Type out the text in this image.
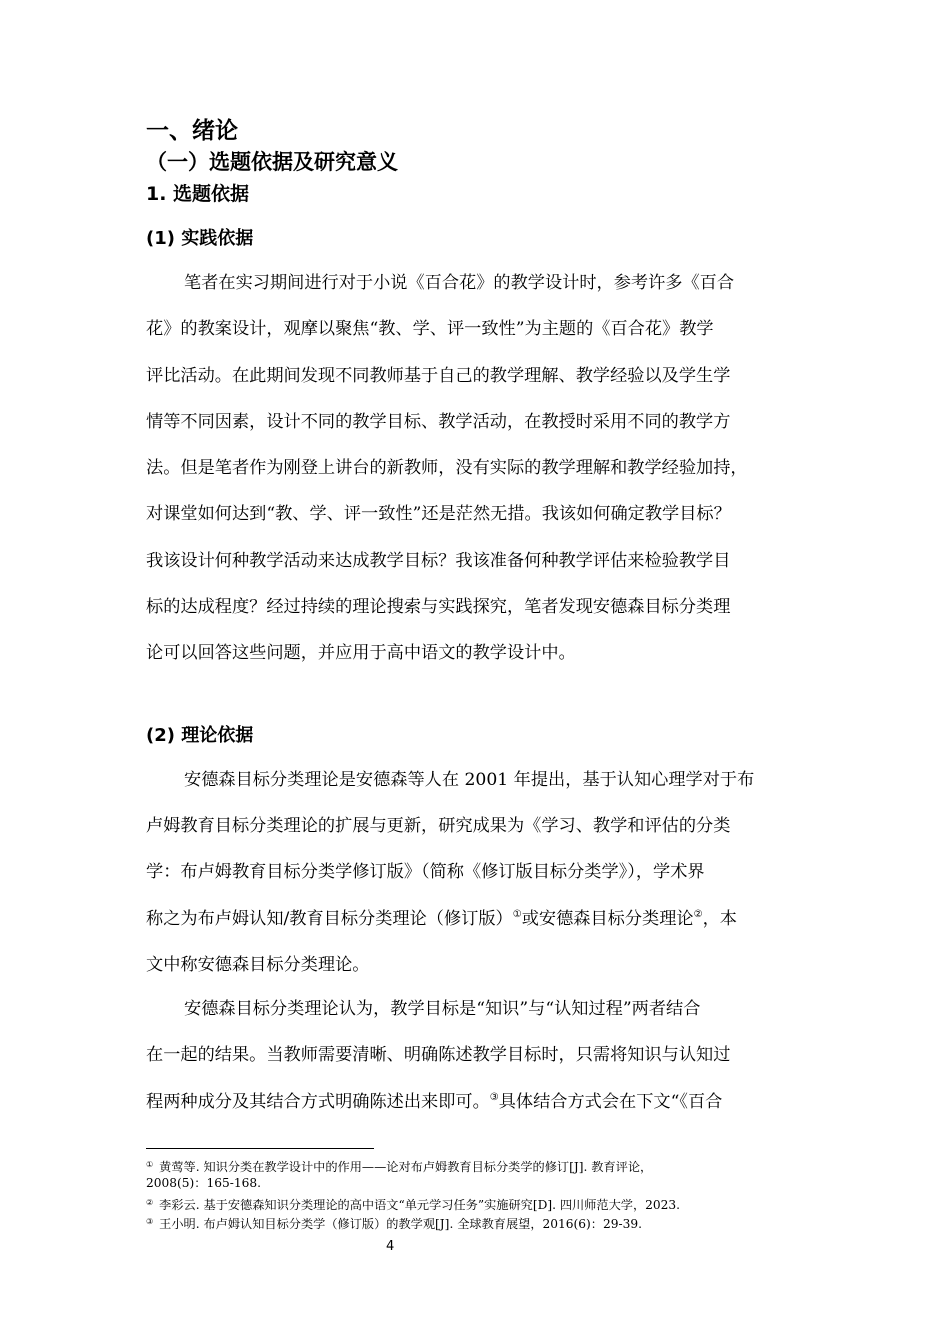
一、绪论
（一）选题依据及研究意义
1. 选题依据
(1) 实践依据

笔者在实习期间进行对于小说《百合花》的教学设计时，参考许多《百合

花》的教案设计，观摩以聚焦“教、学、评一致性”为主题的《百合花》教学

评比活动。在此期间发现不同教师基于自己的教学理解、教学经验以及学生学

情等不同因素，设计不同的教学目标、教学活动，在教授时采用不同的教学方

法。但是笔者作为刚登上讲台的新教师，没有实际的教学理解和教学经验加持，

对课堂如何达到“教、学、评一致性”还是茫然无措。我该如何确定教学目标？

我该设计何种教学活动来达成教学目标？我该准备何种教学评估来检验教学目

标的达成程度？经过持续的理论搜索与实践探究，笔者发现安德森目标分类理

论可以回答这些问题，并应用于高中语文的教学设计中。

(2) 理论依据

安德森目标分类理论是安德森等人在 2001 年提出，基于认知心理学对于布

卢姆教育目标分类理论的扩展与更新，研究成果为《学习、教学和评估的分类

学：布卢姆教育目标分类学修订版》（简称《修订版目标分类学》），学术界

称之为布卢姆认知/教育目标分类理论（修订版）①或安德森目标分类理论②，本

文中称安德森目标分类理论。

安德森目标分类理论认为，教学目标是“知识”与“认知过程”两者结合

在一起的结果。当教师需要清晰、明确陈述教学目标时，只需将知识与认知过

程两种成分及其结合方式明确陈述出来即可。③具体结合方式会在下文“《百合

① 黄莺等. 知识分类在教学设计中的作用——论对布卢姆教育目标分类学的修订[J]. 教育评论，

2008(5)：165-168.

② 李彩云. 基于安德森知识分类理论的高中语文“单元学习任务”实施研究[D]. 四川师范大学，2023.

③ 王小明. 布卢姆认知目标分类学（修订版）的教学观[J]. 全球教育展望，2016(6)：29-39.

4
